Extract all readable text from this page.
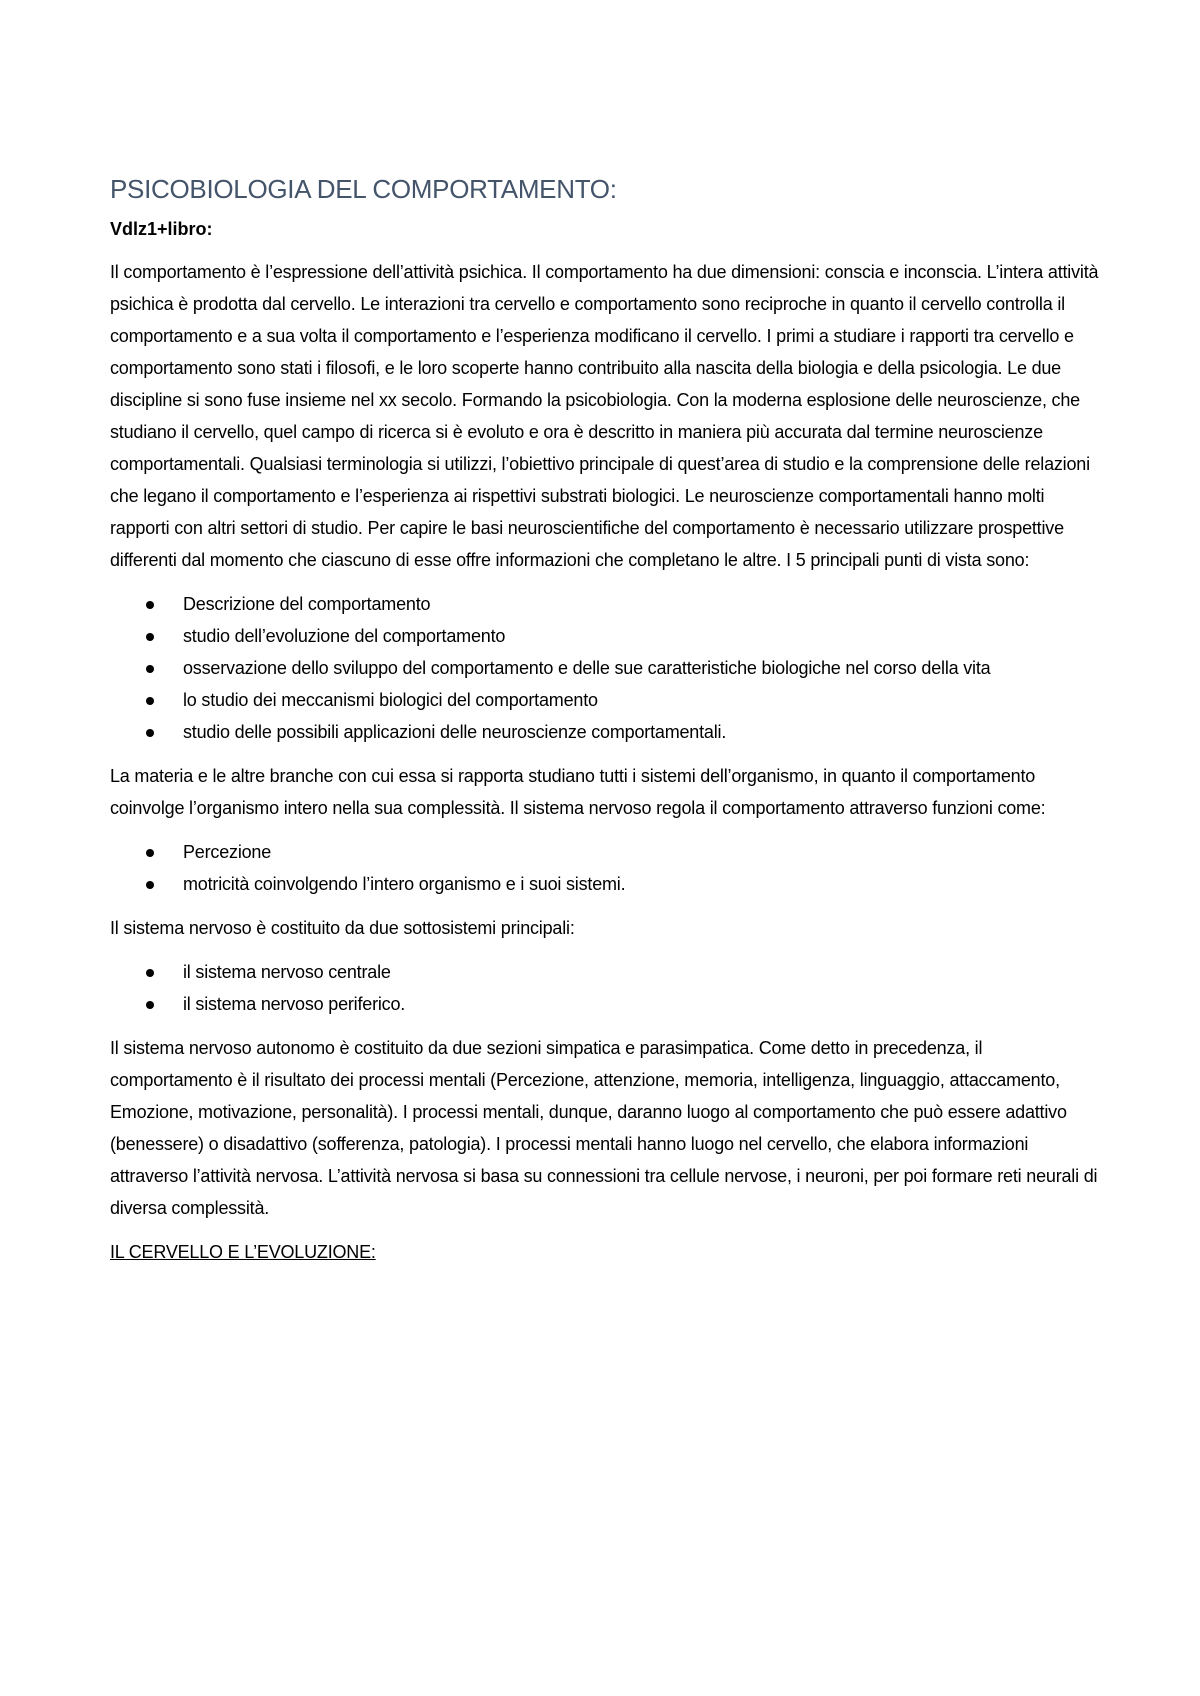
PSICOBIOLOGIA DEL COMPORTAMENTO:
Vdlz1+libro:

Il comportamento è l’espressione dell’attività psichica. Il comportamento ha due dimensioni: conscia e inconscia. L’intera attività psichica è prodotta dal cervello. Le interazioni tra cervello e comportamento sono reciproche in quanto il cervello controlla il comportamento e a sua volta il comportamento e l’esperienza modificano il cervello. I primi a studiare i rapporti tra cervello e comportamento sono stati i filosofi, e le loro scoperte hanno contribuito alla nascita della biologia e della psicologia. Le due discipline si sono fuse insieme nel xx secolo. Formando la psicobiologia. Con la moderna esplosione delle neuroscienze, che studiano il cervello, quel campo di ricerca si è evoluto e ora è descritto in maniera più accurata dal termine neuroscienze comportamentali. Qualsiasi terminologia si utilizzi, l’obiettivo principale di quest’area di studio e la comprensione delle relazioni che legano il comportamento e l’esperienza ai rispettivi substrati biologici. Le neuroscienze comportamentali hanno molti rapporti con altri settori di studio. Per capire le basi neuroscientifiche del comportamento è necessario utilizzare prospettive differenti dal momento che ciascuno di esse offre informazioni che completano le altre. I 5 principali punti di vista sono:

Descrizione del comportamento
studio dell’evoluzione del comportamento
osservazione dello sviluppo del comportamento e delle sue caratteristiche biologiche nel corso della vita
lo studio dei meccanismi biologici del comportamento
studio delle possibili applicazioni delle neuroscienze comportamentali.

La materia e le altre branche con cui essa si rapporta studiano tutti i sistemi dell’organismo, in quanto il comportamento coinvolge l’organismo intero nella sua complessità. Il sistema nervoso regola il comportamento attraverso funzioni come:

Percezione
motricità coinvolgendo l’intero organismo e i suoi sistemi.

Il sistema nervoso è costituito da due sottosistemi principali:

il sistema nervoso centrale
il sistema nervoso periferico.

Il sistema nervoso autonomo è costituito da due sezioni simpatica e parasimpatica. Come detto in precedenza, il comportamento è il risultato dei processi mentali (Percezione, attenzione, memoria, intelligenza, linguaggio, attaccamento, Emozione, motivazione, personalità). I processi mentali, dunque, daranno luogo al comportamento che può essere adattivo (benessere) o disadattivo (sofferenza, patologia). I processi mentali hanno luogo nel cervello, che elabora informazioni attraverso l’attività nervosa. L’attività nervosa si basa su connessioni tra cellule nervose, i neuroni, per poi formare reti neurali di diversa complessità.

IL CERVELLO E L’EVOLUZIONE:
